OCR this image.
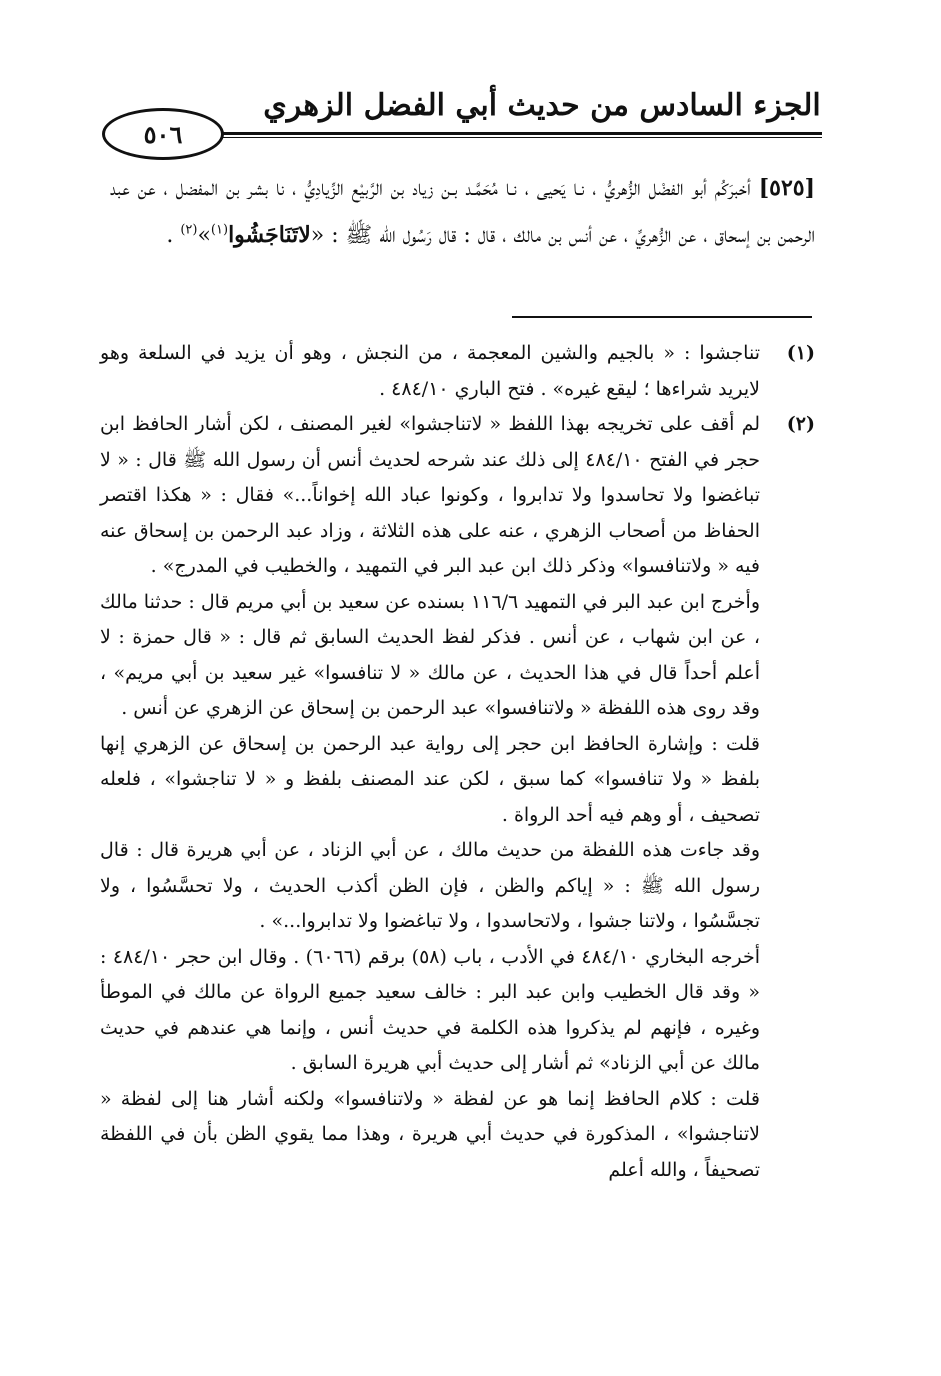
الجزء السادس من حديث أبي الفضل الزهري
٥٠٦

[٥٢٥] أخبرَكُم أبو الفضْل الزُّهريُّ ، نـا يَحيى ، نـا مُحَمَّـد بـن زياد بن الرَّبيْع الزِّيادِيُّ ، نا بشر بن المفضل ، عن عبد الرحمن بن إسحاق ، عن الزُّهريِّ ، عن أنس بن مالك ، قال : قال رَسُول الله ﷺ : «لاتَنَاجَشُوا$^{(١)}$»$^{(٢)}$ .

(١)

تناجشوا : « بالجيم والشين المعجمة ، من النجش ، وهو أن يزيد في السلعة وهو لايريد شراءها ؛ ليقع غيره» . فتح الباري ٤٨٤/١٠ .

(٢)

لم أقف على تخريجه بهذا اللفظ « لاتناجشوا» لغير المصنف ، لكن أشار الحافظ ابن حجر في الفتح ٤٨٤/١٠ إلى ذلك عند شرحه لحديث أنس أن رسول الله ﷺ قال : « لا تباغضوا ولا تحاسدوا ولا تدابروا ، وكونوا عباد الله إخواناً...» فقال : « هكذا اقتصر الحفاظ من أصحاب الزهري ، عنه على هذه الثلاثة ، وزاد عبد الرحمن بن إسحاق عنه فيه « ولاتنافسوا» وذكر ذلك ابن عبد البر في التمهيد ، والخطيب في المدرج» .

وأخرج ابن عبد البر في التمهيد ١١٦/٦ بسنده عن سعيد بن أبي مريم قال : حدثنا مالك ، عن ابن شهاب ، عن أنس . فذكر لفظ الحديث السابق ثم قال : « قال حمزة : لا أعلم أحداً قال في هذا الحديث ، عن مالك « لا تنافسوا» غير سعيد بن أبي مريم» ، وقد روى هذه اللفظة « ولاتنافسوا» عبد الرحمن بن إسحاق عن الزهري عن أنس .

قلت : وإشارة الحافظ ابن حجر إلى رواية عبد الرحمن بن إسحاق عن الزهري إنها بلفظ « ولا تنافسوا» كما سبق ، لكن عند المصنف بلفظ و « لا تناجشوا» ، فلعله تصحيف ، أو وهم فيه أحد الرواة .

وقد جاءت هذه اللفظة من حديث مالك ، عن أبي الزناد ، عن أبي هريرة قال : قال رسول الله ﷺ : « إياكم والظن ، فإن الظن أكذب الحديث ، ولا تحسَّسُوا ، ولا تجسَّسُوا ، ولاتنا جشوا ، ولاتحاسدوا ، ولا تباغضوا ولا تدابروا...» .

أخرجه البخاري ٤٨٤/١٠ في الأدب ، باب (٥٨) برقم (٦٠٦٦) . وقال ابن حجر ٤٨٤/١٠ : « وقد قال الخطيب وابن عبد البر : خالف سعيد جميع الرواة عن مالك في الموطأ وغيره ، فإنهم لم يذكروا هذه الكلمة في حديث أنس ، وإنما هي عندهم في حديث مالك عن أبي الزناد» ثم أشار إلى حديث أبي هريرة السابق .

قلت : كلام الحافظ إنما هو عن لفظة « ولاتنافسوا» ولكنه أشار هنا إلى لفظة « لاتناجشوا» ، المذكورة في حديث أبي هريرة ، وهذا مما يقوي الظن بأن في اللفظة تصحيفاً ، والله أعلم
